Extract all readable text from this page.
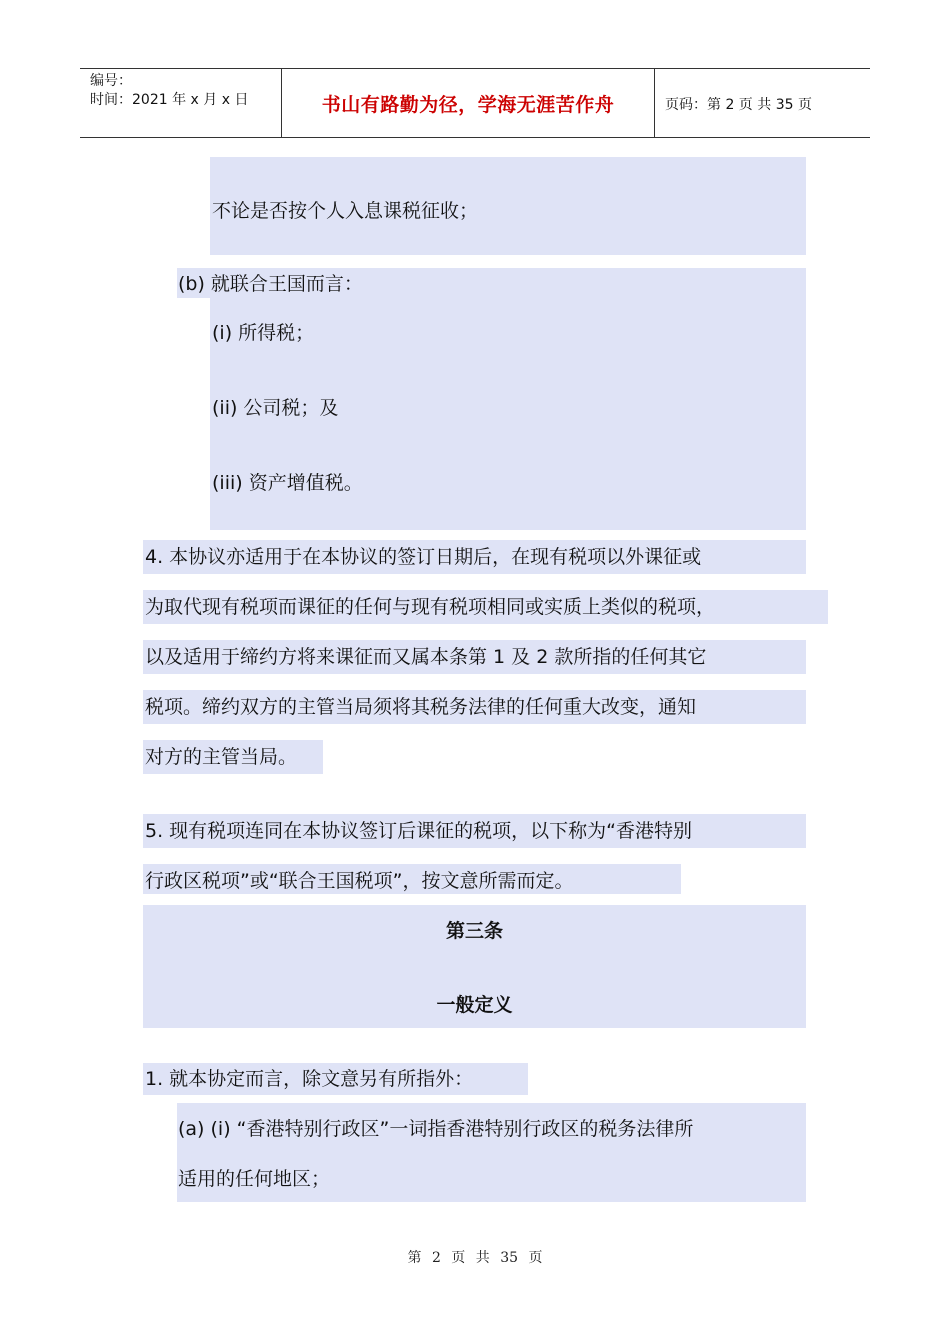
编号：
时间：2021 年 x 月 x 日	书山有路勤为径，学海无涯苦作舟	页码：第 2 页 共 35 页
不论是否按个人入息课税征收；
(b) 就联合王国而言：
(i) 所得税；
(ii) 公司税；及
(iii) 资产增值税。
4. 本协议亦适用于在本协议的签订日期后，在现有税项以外课征或
为取代现有税项而课征的任何与现有税项相同或实质上类似的税项，
以及适用于缔约方将来课征而又属本条第 1 及 2 款所指的任何其它
税项。缔约双方的主管当局须将其税务法律的任何重大改变，通知
对方的主管当局。
5. 现有税项连同在本协议签订后课征的税项，以下称为“香港特别
行政区税项”或“联合王国税项”，按文意所需而定。
第三条
一般定义
1. 就本协定而言，除文意另有所指外：
(a) (i) “香港特别行政区”一词指香港特别行政区的税务法律所
适用的任何地区；
第 2 页 共 35 页
